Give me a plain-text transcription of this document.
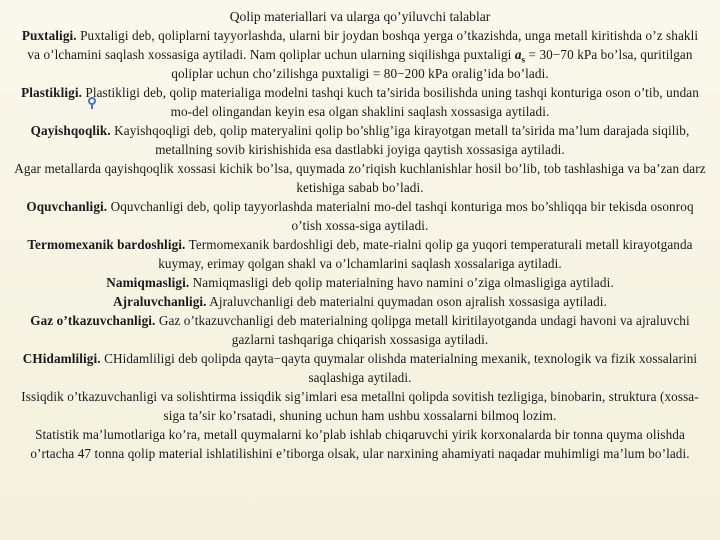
Qolip materiallari va ularga qo’yiluvchi talablar

Puxtaligi. Puxtaligi deb, qoliplarni tayyorlashda, ularni bir joydan boshqa yerga o’tkazishda, unga metall kiritishda o’z shakli va o’lchamini saqlash xossasiga aytiladi. Nam qoliplar uchun ularning siqilishga puxtaligi $a_s = 30-70$ kPa bo’lsa, quritilgan qoliplar uchun cho’zilishga puxtaligi = 80−200 kPa oralig’ida bo’ladi.

Plastikligi. Plastikligi deb, qolip materialiga modelni tashqi kuch ta’sirida bosilishda uning tashqi konturiga oson o’tib, undan mo-del olingandan keyin esa olgan shaklini saqlash xossasiga aytiladi.

Qayishqoqlik. Kayishqoqligi deb, qolip materyalini qolip bo’shlig’iga kirayotgan metall ta’sirida ma’lum darajada siqilib, metallning sovib kirishishida esa dastlabki joyiga qaytish xossasiga aytiladi.

Agar metallarda qayishqoqlik xossasi kichik bo’lsa, quymada zo’riqish kuchlanishlar hosil bo’lib, tob tashlashiga va ba’zan darz ketishiga sabab bo’ladi.

Oquvchanligi. Oquvchanligi deb, qolip tayyorlashda materialni mo-del tashqi konturiga mos bo’shliqqa bir tekisda osonroq o’tish xossa-siga aytiladi.

Termomexanik bardoshligi. Termomexanik bardoshligi deb, mate-rialni qolip ga yuqori temperaturali metall kirayotganda kuymay, erimay qolgan shakl va o’lchamlarini saqlash xossalariga aytiladi.

Namiqmasligi. Namiqmasligi deb qolip materialning havo namini o’ziga olmasligiga aytiladi.

Ajraluvchanligi. Ajraluvchanligi deb materialni quymadan oson ajralish xossasiga aytiladi.

Gaz o’tkazuvchanligi. Gaz o’tkazuvchanligi deb materialning qolipga metall kiritilayotganda undagi havoni va ajraluvchi gazlarni tashqariga chiqarish xossasiga aytiladi.

CHidamliligi. CHidamliligi deb qolipda qayta−qayta quymalar olishda materialning mexanik, texnologik va fizik xossalarini saqlashiga aytiladi.

Issiqdik o’tkazuvchanligi va solishtirma issiqdik sig’imlari esa metallni qolipda sovitish tezligiga, binobarin, struktura (xossa-siga ta’sir ko’rsatadi, shuning uchun ham ushbu xossalarni bilmoq lozim.

Statistik ma’lumotlariga ko’ra, metall quymalarni ko’plab ishlab chiqaruvchi yirik korxonalarda bir tonna quyma olishda o’rtacha 47 tonna qolip material ishlatilishini e’tiborga olsak, ular narxining ahamiyati naqadar muhimligi ma’lum bo’ladi.
